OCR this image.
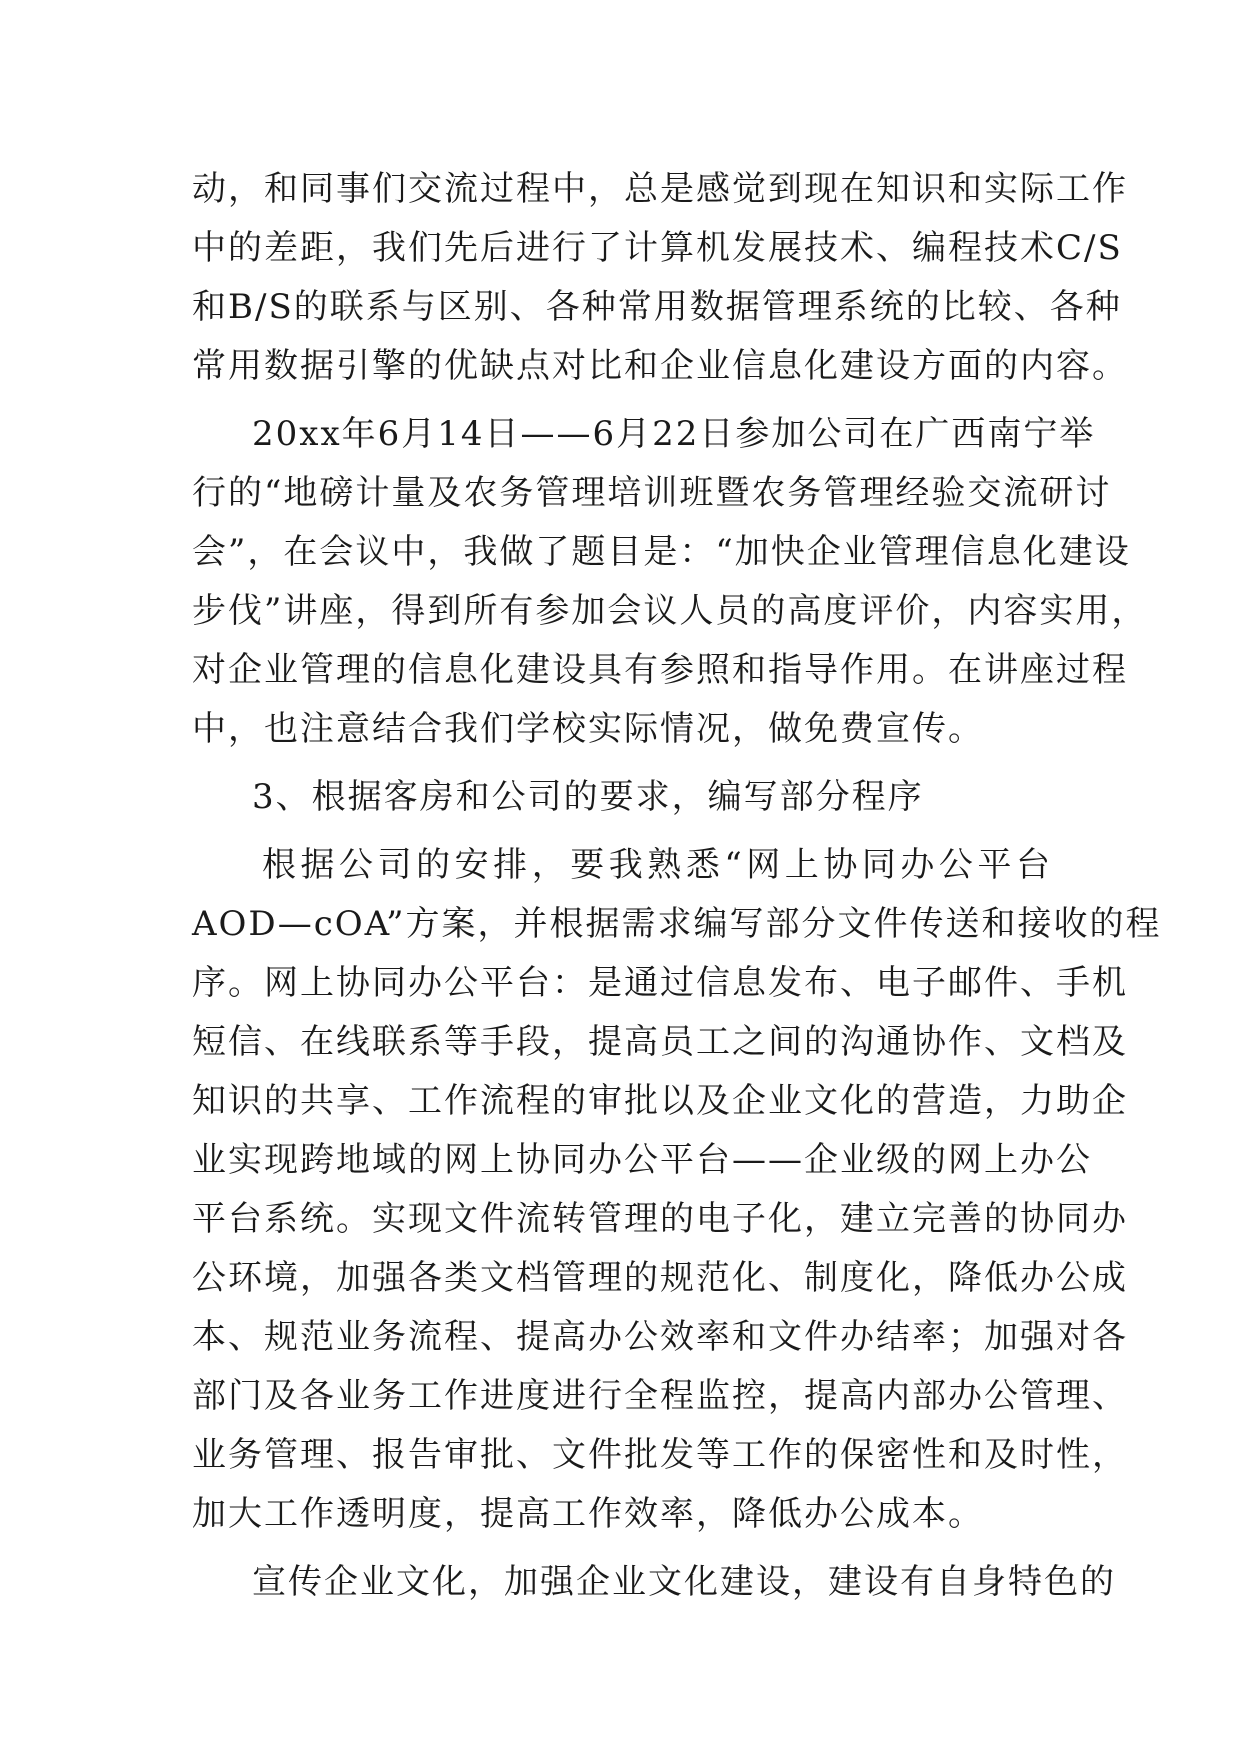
动，和同事们交流过程中，总是感觉到现在知识和实际工作
中的差距，我们先后进行了计算机发展技术、编程技术C/S
和B/S的联系与区别、各种常用数据管理系统的比较、各种
常用数据引擎的优缺点对比和企业信息化建设方面的内容。
20xx年6月14日——6月22日参加公司在广西南宁举
行的“地磅计量及农务管理培训班暨农务管理经验交流研讨
会”，在会议中，我做了题目是：“加快企业管理信息化建设
步伐”讲座，得到所有参加会议人员的高度评价，内容实用，
对企业管理的信息化建设具有参照和指导作用。在讲座过程
中，也注意结合我们学校实际情况，做免费宣传。
3、根据客房和公司的要求，编写部分程序
根据公司的安排，要我熟悉“网上协同办公平台
AOD—cOA”方案，并根据需求编写部分文件传送和接收的程
序。网上协同办公平台：是通过信息发布、电子邮件、手机
短信、在线联系等手段，提高员工之间的沟通协作、文档及
知识的共享、工作流程的审批以及企业文化的营造，力助企
业实现跨地域的网上协同办公平台——企业级的网上办公
平台系统。实现文件流转管理的电子化，建立完善的协同办
公环境，加强各类文档管理的规范化、制度化，降低办公成
本、规范业务流程、提高办公效率和文件办结率；加强对各
部门及各业务工作进度进行全程监控，提高内部办公管理、
业务管理、报告审批、文件批发等工作的保密性和及时性，
加大工作透明度，提高工作效率，降低办公成本。
宣传企业文化，加强企业文化建设，建设有自身特色的
